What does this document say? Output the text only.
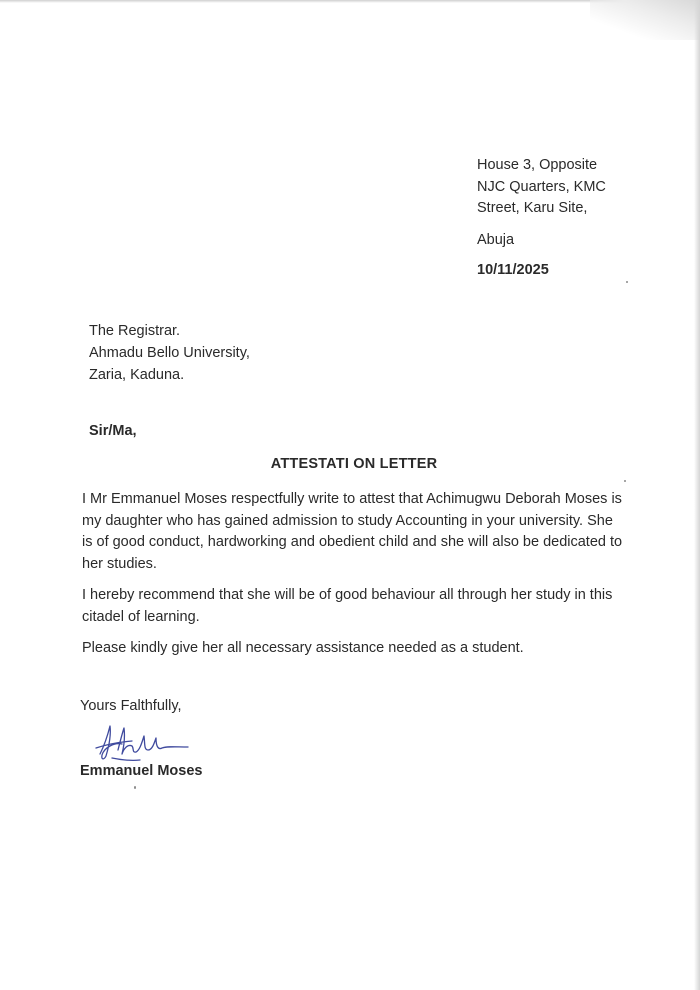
House 3, Opposite
NJC Quarters, KMC
Street, Karu Site,
Abuja
10/11/2025
The Registrar.
Ahmadu Bello University,
Zaria, Kaduna.
Sir/Ma,
ATTESTATI ON LETTER

I Mr Emmanuel Moses respectfully write to attest that Achimugwu Deborah Moses is my daughter who has gained admission to study Accounting in your university. She is of good conduct, hardworking and obedient child and she will also be dedicated to her studies.

I hereby recommend that she will be of good behaviour all through her study in this citadel of learning.

Please kindly give her all necessary assistance needed as a student.

Yours Falthfully,
Emmanuel Moses
